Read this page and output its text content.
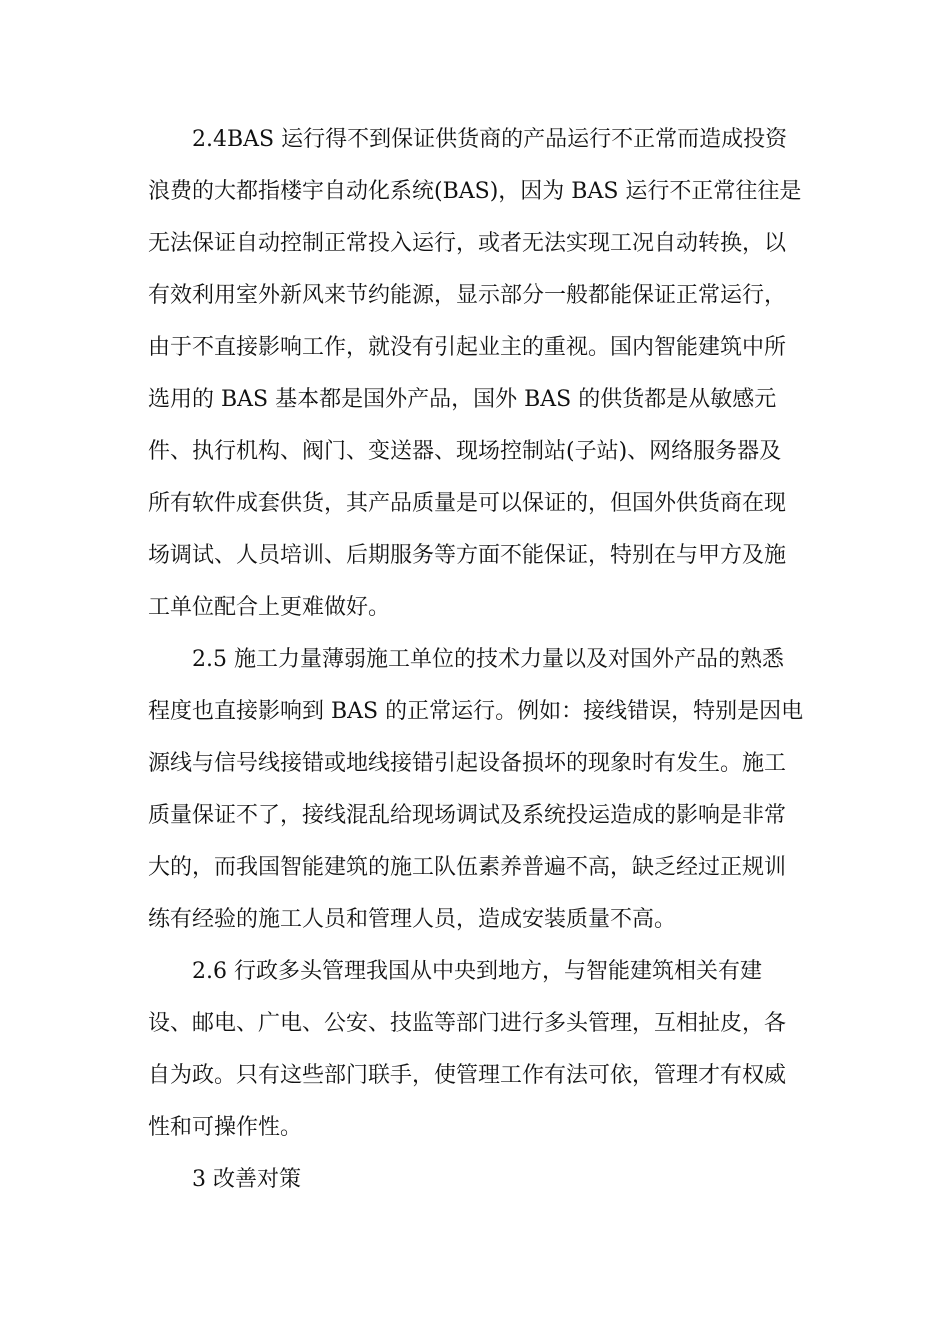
2.4BAS 运行得不到保证供货商的产品运行不正常而造成投资
浪费的大都指楼宇自动化系统(BAS)，因为 BAS 运行不正常往往是
无法保证自动控制正常投入运行，或者无法实现工况自动转换，以
有效利用室外新风来节约能源，显示部分一般都能保证正常运行，
由于不直接影响工作，就没有引起业主的重视。国内智能建筑中所
选用的 BAS 基本都是国外产品，国外 BAS 的供货都是从敏感元
件、执行机构、阀门、变送器、现场控制站(子站)、网络服务器及
所有软件成套供货，其产品质量是可以保证的，但国外供货商在现
场调试、人员培训、后期服务等方面不能保证，特别在与甲方及施
工单位配合上更难做好。
2.5 施工力量薄弱施工单位的技术力量以及对国外产品的熟悉
程度也直接影响到 BAS 的正常运行。例如：接线错误，特别是因电
源线与信号线接错或地线接错引起设备损坏的现象时有发生。施工
质量保证不了，接线混乱给现场调试及系统投运造成的影响是非常
大的，而我国智能建筑的施工队伍素养普遍不高，缺乏经过正规训
练有经验的施工人员和管理人员，造成安装质量不高。
2.6 行政多头管理我国从中央到地方，与智能建筑相关有建
设、邮电、广电、公安、技监等部门进行多头管理，互相扯皮，各
自为政。只有这些部门联手，使管理工作有法可依，管理才有权威
性和可操作性。
3 改善对策
